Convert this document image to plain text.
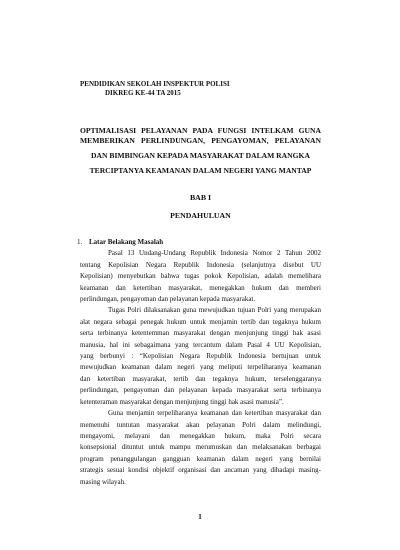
PENDIDIKAN SEKOLAH INSPEKTUR POLISI
DIKREG KE-44 TA 2015
OPTIMALISASI PELAYANAN PADA FUNGSI INTELKAM GUNA
MEMBERIKAN PERLINDUNGAN, PENGAYOMAN, PELAYANAN
DAN BIMBINGAN KEPADA MASYARAKAT DALAM RANGKA
TERCIPTANYA KEAMANAN DALAM NEGERI YANG MANTAP
BAB I
PENDAHULUAN
1. Latar Belakang Masalah

Pasal 13 Undang-Undang Republik Indonesia Nomor 2 Tahun 2002
tentang Kepolisian Negara Republik Indonesia (selanjutnya disebut UU
Kepolisian) menyebutkan bahwa tugas pokok Kepolisian, adalah memelihara
keamanan dan ketertiban masyarakat, menegakkan hukum dan memberi
perlindungan, pengayoman dan pelayanan kepada masyarakat.

Tugas Polri dilaksanakan guna mewujudkan tujuan Polri yang merupakan
alat negara sebagai penegak hukum untuk menjamin tertib dan tegaknya hukum
serta terbinanya ketentemman masyarakat dengan menjunjung tinggi hak asasi
manusia, hal ini sebagaimana yang tercantum dalam Pasal 4 UU Kepolisian,
yang berbunyi : “Kepolisian Negara Republik Indonesia bertujuan untuk
mewujudkan keamanan dalam negeri yang meliputi terpeliharanya keamanan
dan ketertiban masyarakat, tertib dan tegaknya hukum, terselenggaranya
perlindungan, pengayoman dan pelayanan kepada masyarakat serta terbinanya
ketenteraman masyarakat dengan menjunjung tinggi hak asasi manusia”.

Guna menjamin terpeliharanya keamanan dan ketertiban masyarakat dan
memenuhi tuntutan masyarakat akan pelayanan Polri dalam melindungi,
mengayomi, melayani dan menegakkan hukum, maka Polri secara
konsepsional dituntut untuk mampu merumuskan dan melaksanakan berbagai
program penanggulangan gangguan keamanan dalam negeri yang bernilai
strategis sesuai kondisi objektif organisasi dan ancaman yang dihadapi masing-
masing wilayah.

1
